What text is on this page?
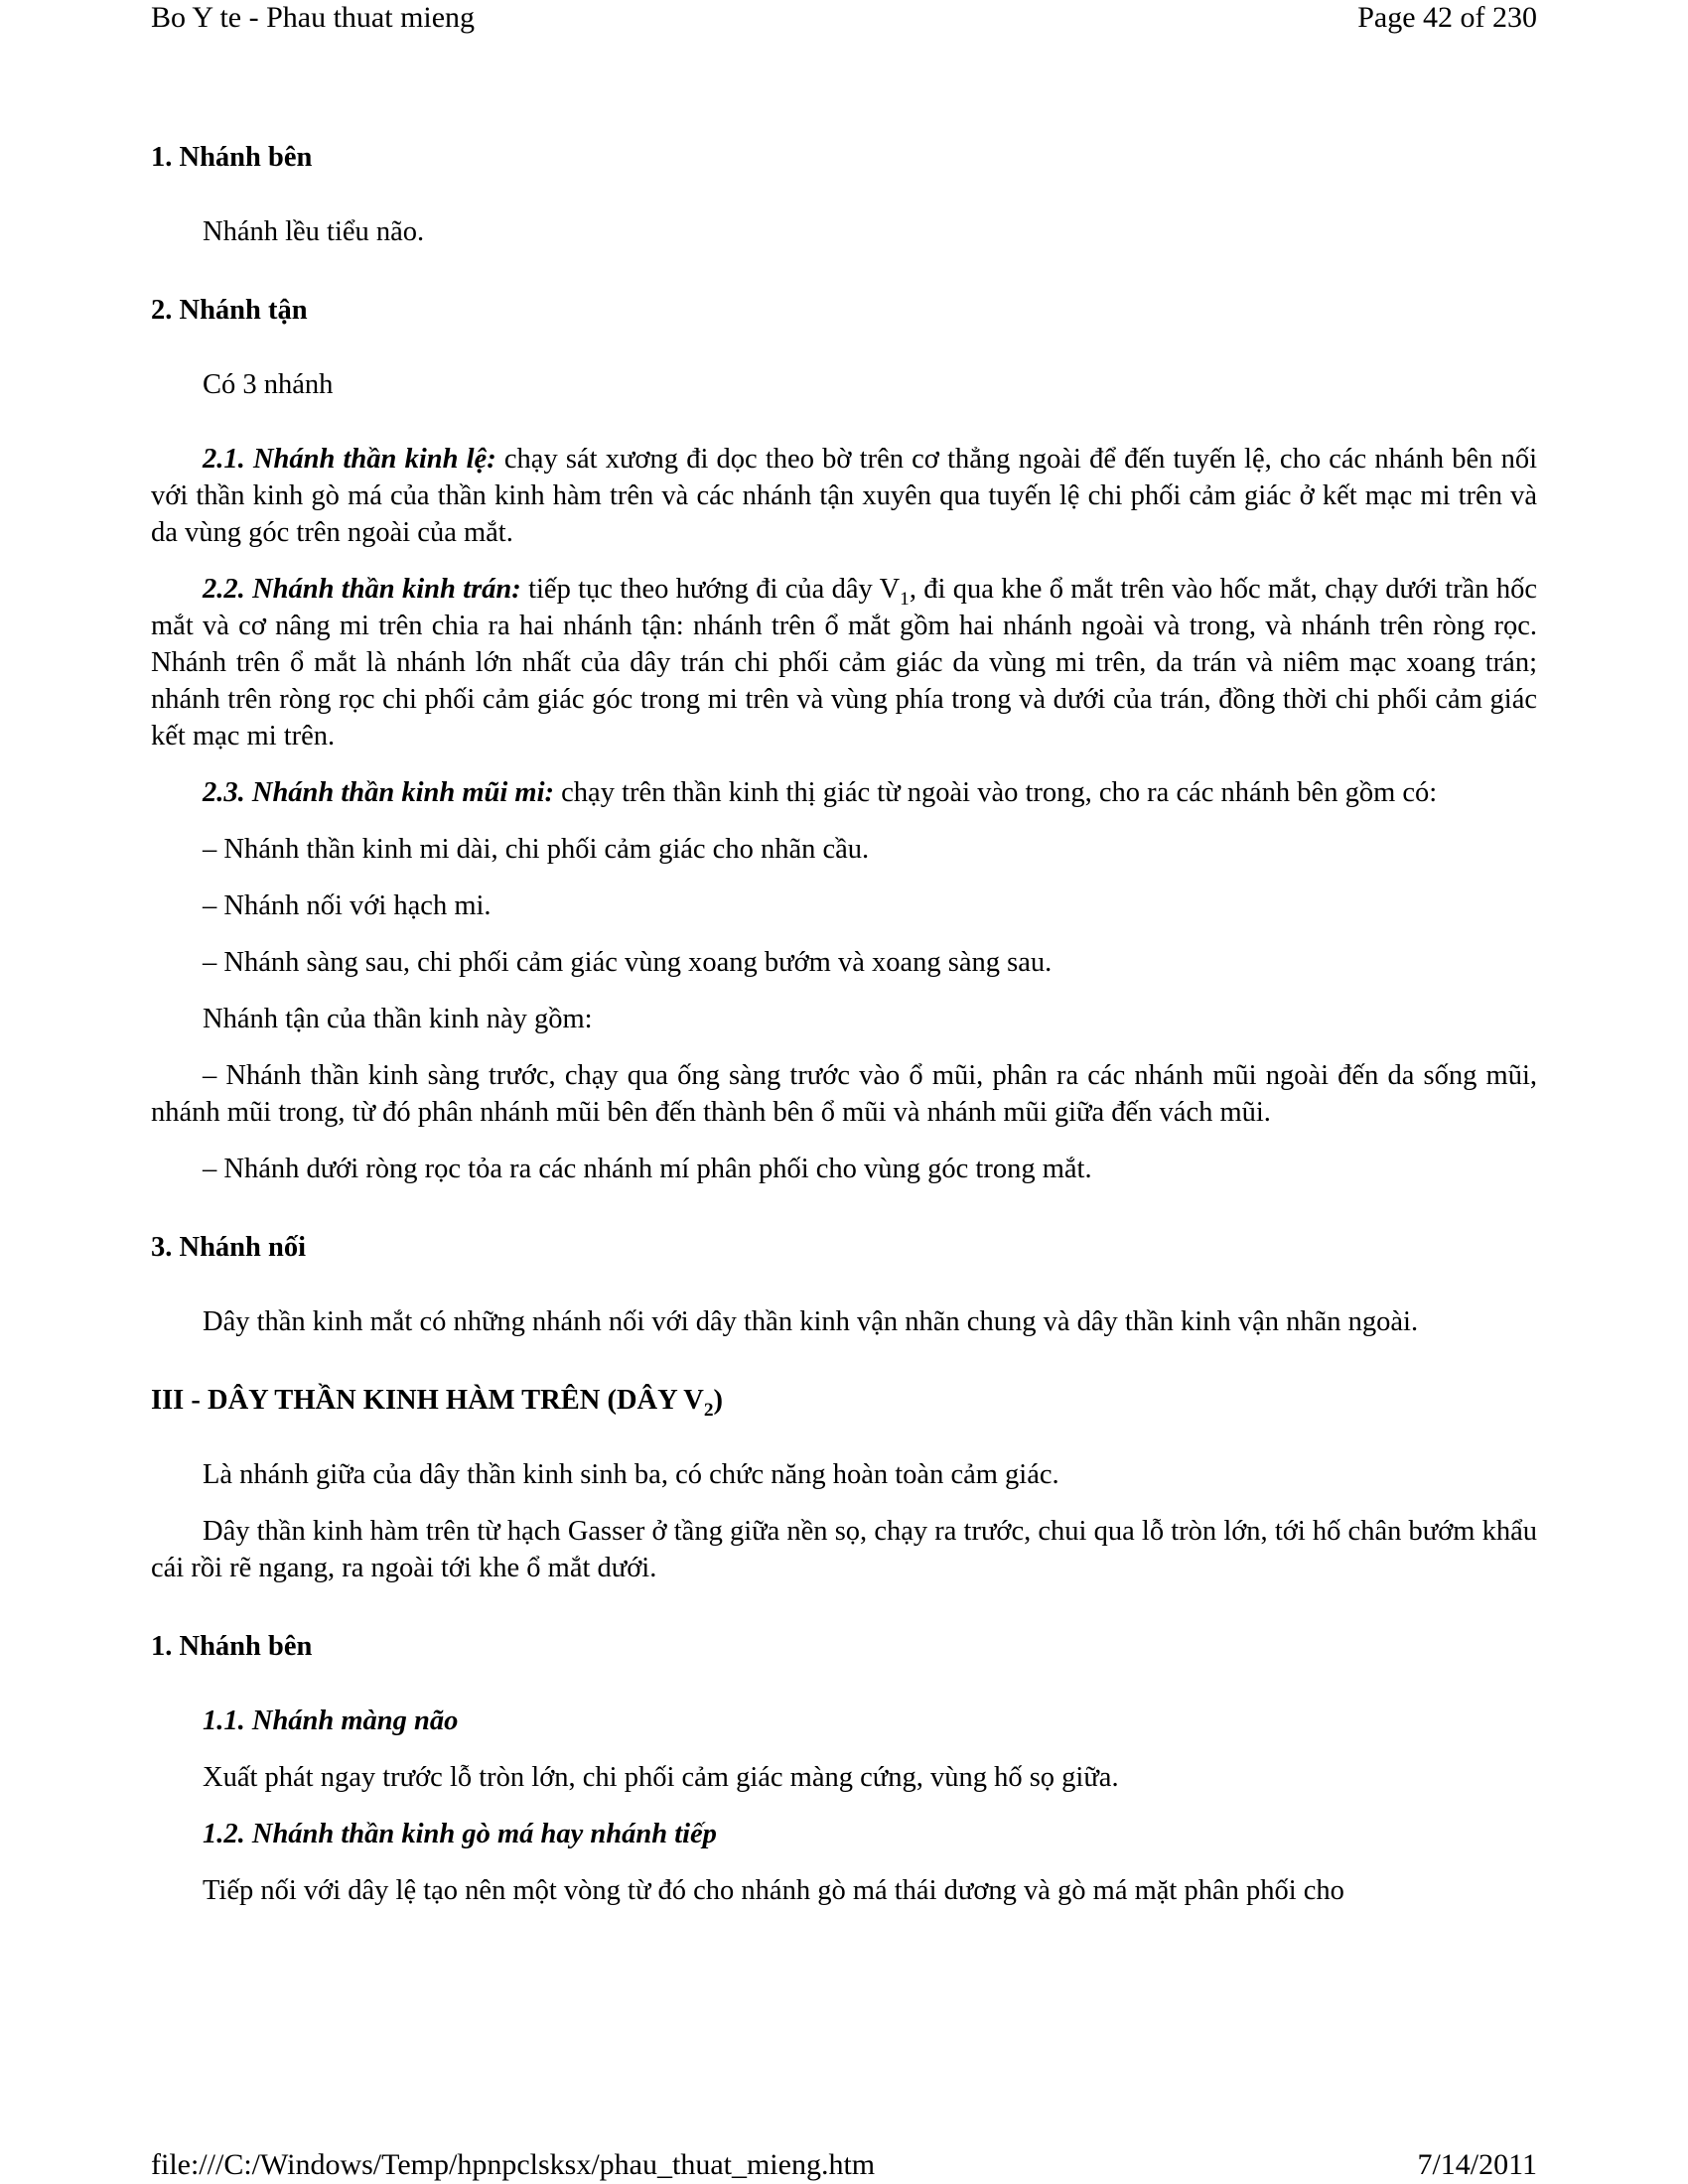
Bo Y te - Phau thuat mieng	Page 42 of 230

1. Nhánh bên

Nhánh lều tiểu não.

2. Nhánh tận

Có 3 nhánh

2.1. Nhánh thần kinh lệ: chạy sát xương đi dọc theo bờ trên cơ thẳng ngoài để đến tuyến lệ, cho các nhánh bên nối với thần kinh gò má của thần kinh hàm trên và các nhánh tận xuyên qua tuyến lệ chi phối cảm giác ở kết mạc mi trên và da vùng góc trên ngoài của mắt.

2.2. Nhánh thần kinh trán: tiếp tục theo hướng đi của dây $V_1$, đi qua khe ổ mắt trên vào hốc mắt, chạy dưới trần hốc mắt và cơ nâng mi trên chia ra hai nhánh tận: nhánh trên ổ mắt gồm hai nhánh ngoài và trong, và nhánh trên ròng rọc. Nhánh trên ổ mắt là nhánh lớn nhất của dây trán chi phối cảm giác da vùng mi trên, da trán và niêm mạc xoang trán; nhánh trên ròng rọc chi phối cảm giác góc trong mi trên và vùng phía trong và dưới của trán, đồng thời chi phối cảm giác kết mạc mi trên.

2.3. Nhánh thần kinh mũi mi: chạy trên thần kinh thị giác từ ngoài vào trong, cho ra các nhánh bên gồm có:

– Nhánh thần kinh mi dài, chi phối cảm giác cho nhãn cầu.

– Nhánh nối với hạch mi.

– Nhánh sàng sau, chi phối cảm giác vùng xoang bướm và xoang sàng sau.

Nhánh tận của thần kinh này gồm:

– Nhánh thần kinh sàng trước, chạy qua ống sàng trước vào ổ mũi, phân ra các nhánh mũi ngoài đến da sống mũi, nhánh mũi trong, từ đó phân nhánh mũi bên đến thành bên ổ mũi và nhánh mũi giữa đến vách mũi.

– Nhánh dưới ròng rọc tỏa ra các nhánh mí phân phối cho vùng góc trong mắt.

3. Nhánh nối

Dây thần kinh mắt có những nhánh nối với dây thần kinh vận nhãn chung và dây thần kinh vận nhãn ngoài.

III - DÂY THẦN KINH HÀM TRÊN (DÂY $V_2$)

Là nhánh giữa của dây thần kinh sinh ba, có chức năng hoàn toàn cảm giác.

Dây thần kinh hàm trên từ hạch Gasser ở tầng giữa nền sọ, chạy ra trước, chui qua lỗ tròn lớn, tới hố chân bướm khẩu cái rồi rẽ ngang, ra ngoài tới khe ổ mắt dưới.

1. Nhánh bên

1.1. Nhánh màng não

Xuất phát ngay trước lỗ tròn lớn, chi phối cảm giác màng cứng, vùng hố sọ giữa.

1.2. Nhánh thần kinh gò má hay nhánh tiếp

Tiếp nối với dây lệ tạo nên một vòng từ đó cho nhánh gò má thái dương và gò má mặt phân phối cho

file:///C:/Windows/Temp/hpnpclsksx/phau_thuat_mieng.htm	7/14/2011
